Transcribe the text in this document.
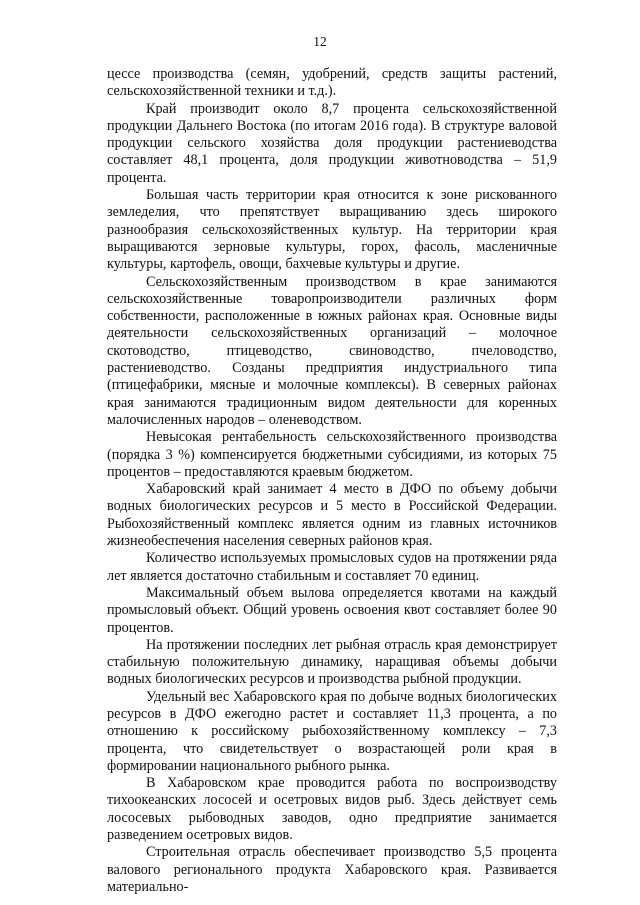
12

цессе производства (семян, удобрений, средств защиты растений, сельскохозяйственной техники и т.д.).

Край производит около 8,7 процента сельскохозяйственной продукции Дальнего Востока (по итогам 2016 года). В структуре валовой продукции сельского хозяйства доля продукции растениеводства составляет 48,1 процента, доля продукции животноводства – 51,9 процента.

Большая часть территории края относится к зоне рискованного земледелия, что препятствует выращиванию здесь широкого разнообразия сельскохозяйственных культур. На территории края выращиваются зерновые культуры, горох, фасоль, масленичные культуры, картофель, овощи, бахчевые культуры и другие.

Сельскохозяйственным производством в крае занимаются сельскохозяйственные товаропроизводители различных форм собственности, расположенные в южных районах края. Основные виды деятельности сельскохозяйственных организаций – молочное скотоводство, птицеводство, свиноводство, пчеловодство, растениеводство. Созданы предприятия индустриального типа (птицефабрики, мясные и молочные комплексы). В северных районах края занимаются традиционным видом деятельности для коренных малочисленных народов – оленеводством.

Невысокая рентабельность сельскохозяйственного производства (порядка 3 %) компенсируется бюджетными субсидиями, из которых 75 процентов – предоставляются краевым бюджетом.

Хабаровский край занимает 4 место в ДФО по объему добычи водных биологических ресурсов и 5 место в Российской Федерации. Рыбохозяйственный комплекс является одним из главных источников жизнеобеспечения населения северных районов края.

Количество используемых промысловых судов на протяжении ряда лет является достаточно стабильным и составляет 70 единиц.

Максимальный объем вылова определяется квотами на каждый промысловый объект. Общий уровень освоения квот составляет более 90 процентов.

На протяжении последних лет рыбная отрасль края демонстрирует стабильную положительную динамику, наращивая объемы добычи водных биологических ресурсов и производства рыбной продукции.

Удельный вес Хабаровского края по добыче водных биологических ресурсов в ДФО ежегодно растет и составляет 11,3 процента, а по отношению к российскому рыбохозяйственному комплексу – 7,3 процента, что свидетельствует о возрастающей роли края в формировании национального рыбного рынка.

В Хабаровском крае проводится работа по воспроизводству тихоокеанских лососей и осетровых видов рыб. Здесь действует семь лососевых рыбоводных заводов, одно предприятие занимается разведением осетровых видов.

Строительная отрасль обеспечивает производство 5,5 процента валового регионального продукта Хабаровского края. Развивается материально-
